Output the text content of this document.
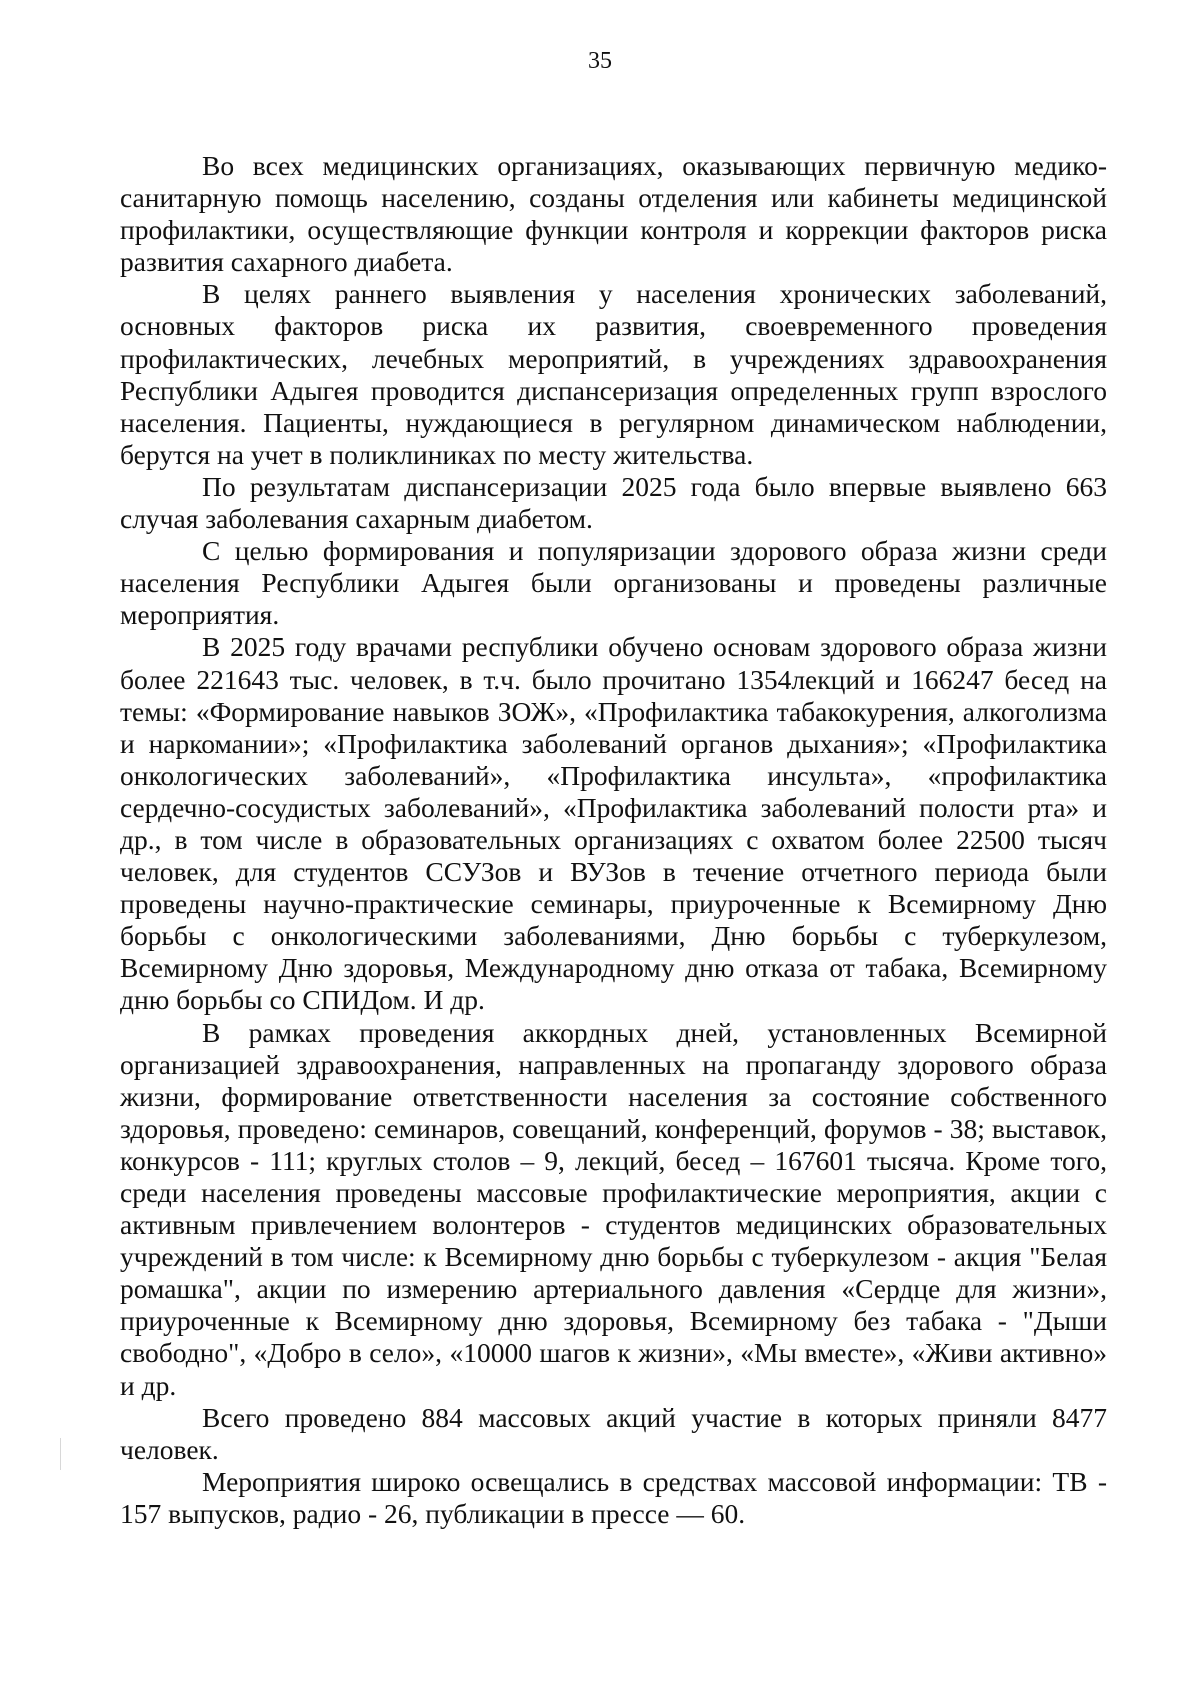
35

Во всех медицинских организациях, оказывающих первичную медико-санитарную помощь населению, созданы отделения или кабинеты медицинской профилактики, осуществляющие функции контроля и коррекции факторов риска развития сахарного диабета.

В целях раннего выявления у населения хронических заболеваний, основных факторов риска их развития, своевременного проведения профилактических, лечебных мероприятий, в учреждениях здравоохранения Республики Адыгея проводится диспансеризация определенных групп взрослого населения. Пациенты, нуждающиеся в регулярном динамическом наблюдении, берутся на учет в поликлиниках по месту жительства.

По результатам диспансеризации 2025 года было впервые выявлено 663 случая заболевания сахарным диабетом.

С целью формирования и популяризации здорового образа жизни среди населения Республики Адыгея были организованы и проведены различные мероприятия.

В 2025 году врачами республики обучено основам здорового образа жизни более 221643 тыс. человек, в т.ч. было прочитано 1354лекций и 166247 бесед на темы: «Формирование навыков ЗОЖ», «Профилактика табакокурения, алкоголизма и наркомании»; «Профилактика заболеваний органов дыхания»; «Профилактика онкологических заболеваний», «Профилактика инсульта», «профилактика сердечно-сосудистых заболеваний», «Профилактика заболеваний полости рта» и др., в том числе в образовательных организациях с охватом более 22500 тысяч человек, для студентов ССУЗов и ВУЗов в течение отчетного периода были проведены научно-практические семинары, приуроченные к Всемирному Дню борьбы с онкологическими заболеваниями, Дню борьбы с туберкулезом, Всемирному Дню здоровья, Международному дню отказа от табака, Всемирному дню борьбы со СПИДом. И др.

В рамках проведения аккордных дней, установленных Всемирной организацией здравоохранения, направленных на пропаганду здорового образа жизни, формирование ответственности населения за состояние собственного здоровья, проведено: семинаров, совещаний, конференций, форумов - 38; выставок, конкурсов - 111; круглых столов – 9, лекций, бесед – 167601 тысяча. Кроме того, среди населения проведены массовые профилактические мероприятия, акции с активным привлечением волонтеров - студентов медицинских образовательных учреждений в том числе: к Всемирному дню борьбы с туберкулезом - акция "Белая ромашка", акции по измерению артериального давления «Сердце для жизни», приуроченные к Всемирному дню здоровья, Всемирному без табака - "Дыши свободно", «Добро в село», «10000 шагов к жизни», «Мы вместе», «Живи активно» и др.

Всего проведено 884 массовых акций участие в которых приняли 8477 человек.

Мероприятия широко освещались в средствах массовой информации: ТВ - 157 выпусков, радио - 26, публикации в прессе — 60.
